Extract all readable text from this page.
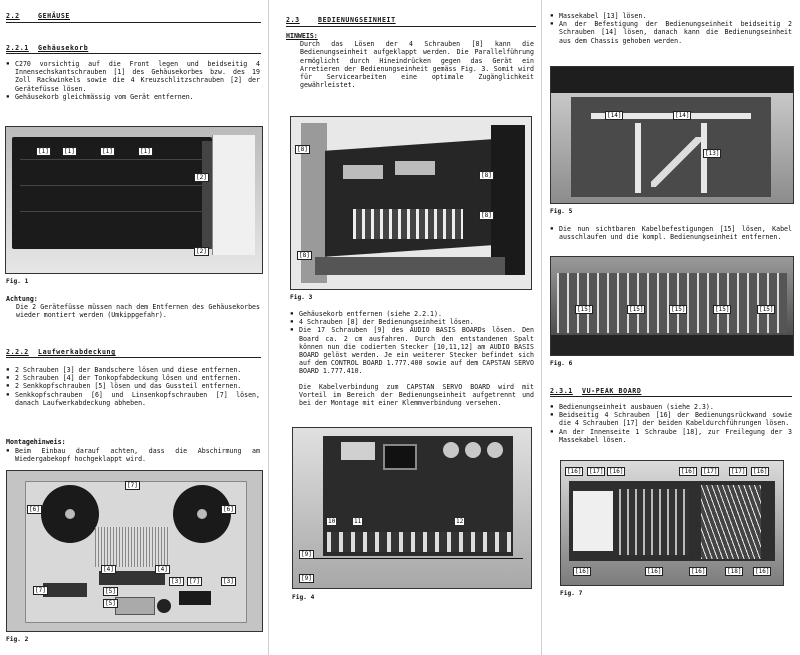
2.2	GEHÄUSE
2.2.1 Gehäusekorb
▪ C270 vorsichtig auf die Front legen und beidseitig 4 Innensechskantschrauben [1] des Gehäusekorbes bzw. des 19 Zoll Rackwinkels sowie die 4 Kreuzschlitzschrauben [2] der Gerätefüsse lösen.
▪ Gehäusekorb gleichmässig vom Gerät entfernen.
[1]	[1]	[1]	[1]
[2]
[2]
Fig. 1

Achtung:

Die 2 Gerätefüsse müssen nach dem Entfernen des Gehäusekorbes wieder montiert werden (Umkippgefahr).

2.2.2 Laufwerkabdeckung
▪ 2 Schrauben [3] der Bandschere lösen und diese entfernen.
▪ 2 Schrauben [4] der Tonkopfabdeckung lösen und entfernen.
▪ 2 Senkkopfschrauben [5] lösen und das Gussteil entfernen.
▪ Senkkopfschrauben [6] und Linsenkopfschrauben [7] lösen, danach Laufwerkabdeckung abheben.

Montagehinweis:

▪ Beim Einbau darauf achten, dass die Abschirmung am Wiedergabekopf hochgeklappt wird.
[6]	[6]
[7]
[7]
[7]
[4]	[4]
[5]
[5]
[3]	[3]
Fig. 2
2.3	BEDIENUNGSEINHEIT

HINWEIS:

Durch das Lösen der 4 Schrauben [8] kann die Bedienungseinheit aufgeklappt werden. Die Parallelführung ermöglicht durch Hineindrücken gegen das Gerät ein Arretieren der Bedienungseinheit gemäss Fig. 3. Somit wird für Servicearbeiten eine optimale Zugänglichkeit gewährleistet.

[8]
[8]
[8]
[8]
Fig. 3
▪ Gehäusekorb entfernen (siehe 2.2.1).
▪ 4 Schrauben [8] der Bedienungseinheit lösen.
▪ Die 17 Schrauben [9] des AUDIO BASIS BOARDs lösen. Den Board ca. 2 cm ausfahren. Durch den entstandenen Spalt können nun die codierten Stecker [10,11,12] am AUDIO BASIS BOARD gelöst werden. Je ein weiterer Stecker befindet sich auf dem CONTROL BOARD 1.777.400 sowie auf dem CAPSTAN SERVO BOARD 1.777.410.

Die Kabelverbindung zum CAPSTAN SERVO BOARD wird mit Vorteil im Bereich der Bedienungseinheit aufgetrennt und bei der Montage mit einer Klemmverbindung versehen.

10	11	12
[9]
[9]
Fig. 4
▪ Massekabel [13] lösen.
▪ An der Befestigung der Bedienungseinheit beidseitig 2 Schrauben [14] lösen, danach kann die Bedienungseinheit aus dem Chassis gehoben werden.
[14]	[14]
[13]
Fig. 5
▪ Die nun sichtbaren Kabelbefestigungen [15] lösen, Kabel ausschlaufen und die kompl. Bedienungseinheit entfernen.
[15]	[15]	[15]	[15]	[15]
Fig. 6
2.3.1 VU-PEAK BOARD
▪ Bedienungseinheit ausbauen (siehe 2.3).
▪ Beidseitig 4 Schrauben [16] der Bedienungsrückwand sowie die 4 Schrauben [17] der beiden Kabeldurchführungen lösen.
▪ An der Innenseite 1 Schraube [18], zur Freilegung der 3 Massekabel lösen.
[16]	[17] [16]	[16]	[17]	[17]	[16]
[16]	[16]	[16]	[18]	[16]
Fig. 7
